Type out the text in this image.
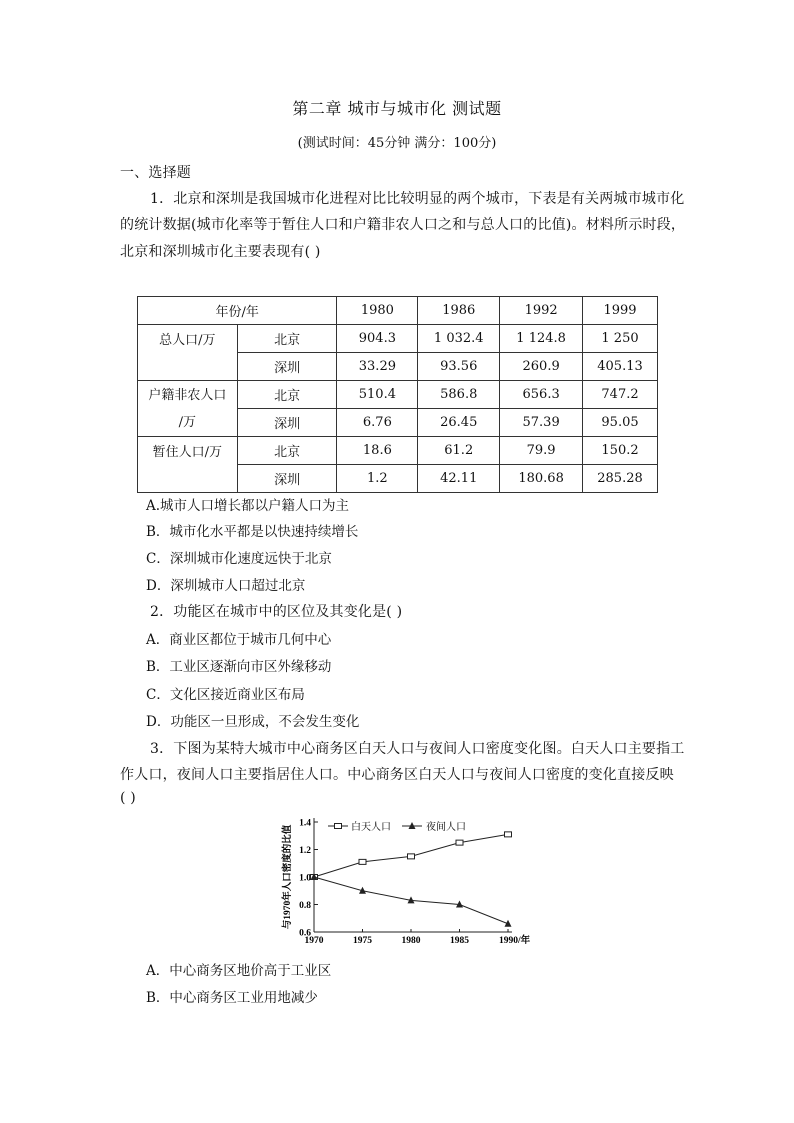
第二章 城市与城市化 测试题
(测试时间：45分钟 满分：100分)
一、选择题
1．北京和深圳是我国城市化进程对比比较明显的两个城市，下表是有关两城市城市化
的统计数据(城市化率等于暂住人口和户籍非农人口之和与总人口的比值)。材料所示时段，
北京和深圳城市化主要表现有( )
年份/年		1980	1986	1992	1999
总人口/万	北京	904.3	1 032.4	1 124.8	1 250
	深圳	33.29	93.56	260.9	405.13

户籍非农人口
/万	北京	510.4	586.8	656.3	747.2
	深圳	6.76	26.45	57.39	95.05
暂住人口/万	北京	18.6	61.2	79.9	150.2
	深圳	1.2	42.11	180.68	285.28
A.城市人口增长都以户籍人口为主
B．城市化水平都是以快速持续增长
C．深圳城市化速度远快于北京
D．深圳城市人口超过北京
2．功能区在城市中的区位及其变化是( )
A．商业区都位于城市几何中心
B．工业区逐渐向市区外缘移动
C．文化区接近商业区布局
D．功能区一旦形成，不会发生变化
3．下图为某特大城市中心商务区白天人口与夜间人口密度变化图。白天人口主要指工
作人口，夜间人口主要指居住人口。中心商务区白天人口与夜间人口密度的变化直接反映
( )
0.6
0.8
1.0
1.2
1.4
1970	1975	1980	1985	1990/年
与1970年人口密度的比值	白天人口	夜间人口
A．中心商务区地价高于工业区
B．中心商务区工业用地减少
